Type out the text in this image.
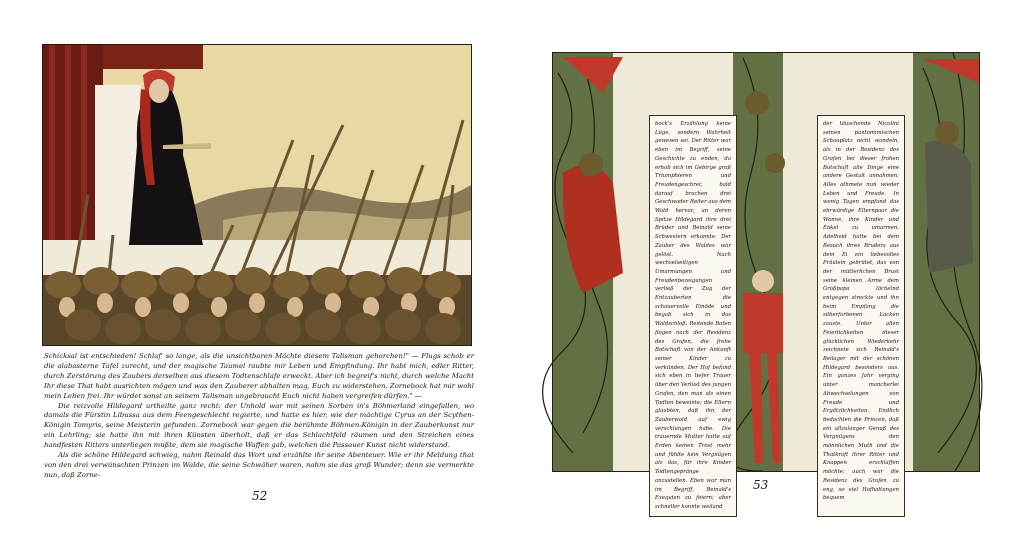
Schicksal ist entschieden! Schlaf' so lange, als die unsichtbaren Mächte diesem Talisman gehorchen!" — Flugs schob er die alabasterne Tafel zurecht, und der magische Taumel raubte mir Leben und Empfindung. Ihr habt mich, edler Ritter, durch Zerstörung des Zaubers derselben aus diesem Todtenschlafe erweckt. Aber ich begreif's nicht, durch welche Macht Ihr diese That habt ausrichten mögen und was den Zauberer abhalten mag, Euch zu widerstehen. Zornebock hat mir wohl mein Leben frei. Ihr würdet sonst an seinem Talisman ungebraucht Euch nicht haben vergreifen dürfen." —

Die reizvolle Hildegard urtheilte ganz recht: der Unhold war mit seinen Sorben in's Böhmerland eingefallen, wo damals die Fürstin Libussa aus dem Feengeschlecht regierte, und hatte es hier, wie der mächtige Cyrus an der Scythen-Königin Tomyris, seine Meisterin gefunden. Zornebock war gegen die berühmte Böhmen-Königin in der Zauberkunst nur ein Lehrling; sie hatte ihn mit ihren Künsten überholt, daß er das Schlachtfeld räumen und den Streichen eines handfesten Ritters unterliegen mußte, dem sie magische Waffen gab, welchen die Passauer Kunst nicht widerstand.

Als die schöne Hildegard schwieg, nahm Reinald das Wort und erzählte ihr seine Abenteuer. Wie er ihr Meldung that von den drei verwünschten Prinzen im Walde, die seine Schwäher waren, nahm sie das groß Wunder; denn sie vermerkte nun, daß Zorne-

52
bock's Erzählung keine Lüge, sondern Wahrheit gewesen sei. Der Ritter war eben im Begriff, seine Geschichte zu enden, da erhob sich im Gebirge groß Triumphieren und Freudengeschrei; bald darauf brachen drei Geschwader Reiter aus dem Wald hervor, an deren Spitze Hildegard ihre drei Brüder und Reinald seine Schwestern erkannte. Der Zauber des Waldes war gelöst. Nach wechselseitigen Umarmungen und Freudenbezeigungen verließ der Zug der Entzauberten die schauervolle Einöde und begab sich in das Waldschloß. Reitende Boten flogen nach der Residenz des Grafen, die frohe Botschaft von der Ankunft seiner Kinder zu verkünden. Der Hof befand sich eben in tiefer Trauer über den Verlust des jungen Grafen, den man als einen Todten beweinte; die Eltern glaubten, daß ihn der Zauberwald auf ewig verschlungen habe. Die trauernde Mutter hatte auf Erden keinen Trost mehr und fühlte kein Vergnügen als das, für ihre Kinder Todtengepränge anzustellen. Eben war man im Begriff, Reinald's Exequien zu feiern; aber schneller konnte weiland
der täuschende Nicolini seinen pantomimischen Schauplatz nicht wandeln, als in der Residenz des Grafen bei dieser frohen Botschaft alle Dinge eine andere Gestalt annahmen: Alles athmete nun wieder Leben und Freude. In wenig Tagen empfand das ehrwürdige Elternpaar die Wonne, ihre Kinder und Enkel zu umarmen. Adelheid hatte bei dem Besuch ihres Bruders aus dem Ei ein liebevolles Fräulein gebrütet, das von der mütterlichen Brust seine kleinen Arme dem Großpapa lächelnd entgegen streckte und ihn beim Empfang die silberfarbenen Locken zauste. Unter allen Feierlichkeiten dieser glücklichen Wiederkehr zeichnete sich Reinald's Beilager mit der schönen Hildegard besonders aus. Ein ganzes Jahr verging unter mancherlei Abwechselungen von Freude und Ergötzlichkeiten. Endlich bedachten die Prinzen, daß ein allzulanger Genuß des Vergnügens den männlichen Muth und die Thatkraft ihrer Ritter und Knappen erschlaffen möchte; auch war die Residenz des Grafen zu eng, so viel Hofhaltungen bequem
53
